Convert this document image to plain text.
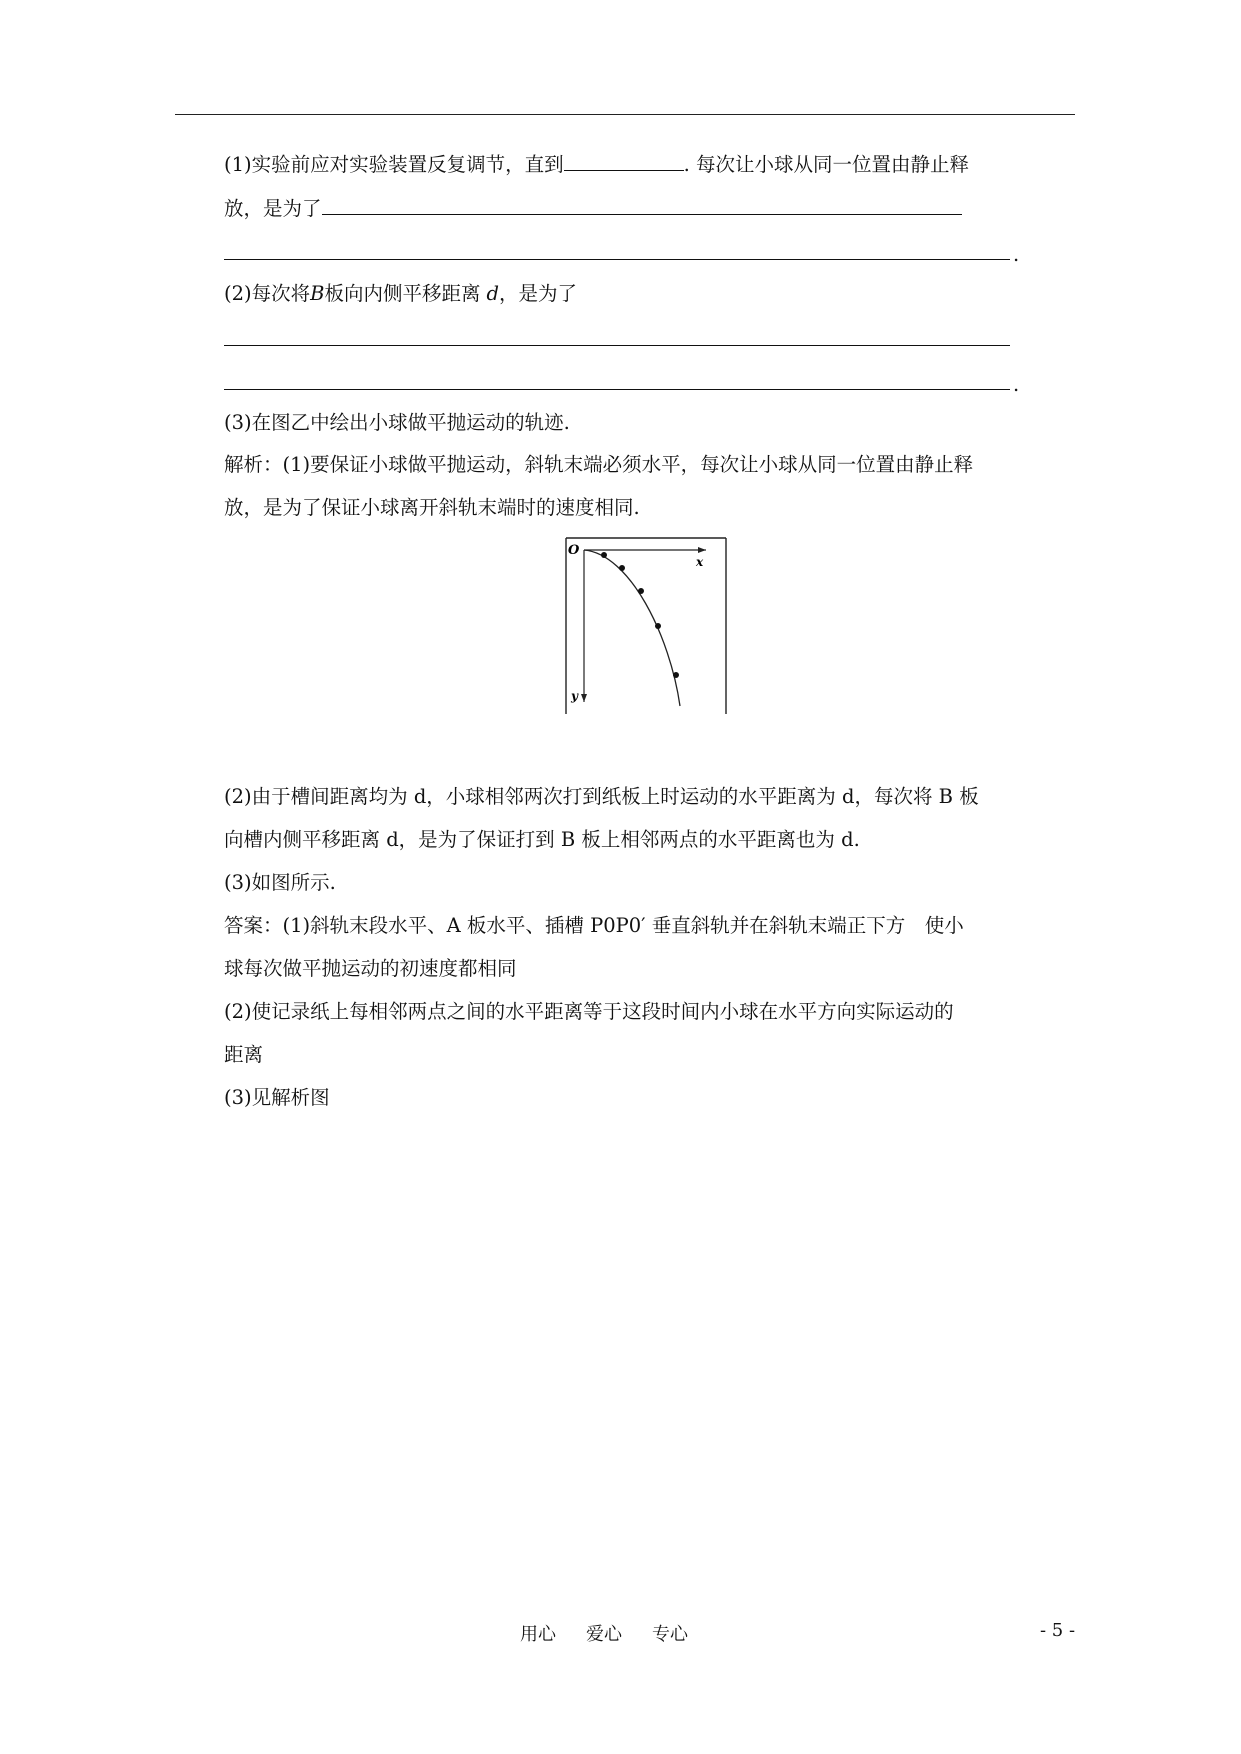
(1)实验前应对实验装置反复调节，直到	. 每次让小球从同一位置由静止释
放，是为了
.
(2)每次将B板向内侧平移距离 d，是为了
.
(3)在图乙中绘出小球做平抛运动的轨迹.
解析：(1)要保证小球做平抛运动，斜轨末端必须水平，每次让小球从同一位置由静止释
放，是为了保证小球离开斜轨末端时的速度相同.
O
x
y
(2)由于槽间距离均为 d，小球相邻两次打到纸板上时运动的水平距离为 d，每次将 B 板
向槽内侧平移距离 d，是为了保证打到 B 板上相邻两点的水平距离也为 d.
(3)如图所示.
答案：(1)斜轨末段水平、A 板水平、插槽 P0P0′ 垂直斜轨并在斜轨末端正下方　使小
球每次做平抛运动的初速度都相同
(2)使记录纸上每相邻两点之间的水平距离等于这段时间内小球在水平方向实际运动的
距离
(3)见解析图
用心 爱心 专心	- 5 -
